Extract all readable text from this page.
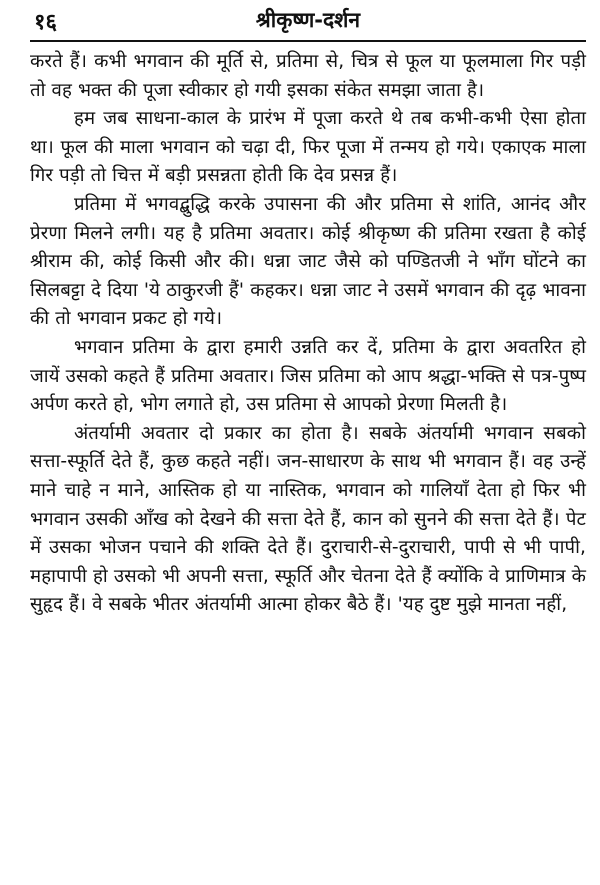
१६	श्रीकृष्ण-दर्शन

करते हैं। कभी भगवान की मूर्ति से, प्रतिमा से, चित्र से फूल या फूलमाला गिर पड़ी तो वह भक्त की पूजा स्वीकार हो गयी इसका संकेत समझा जाता है।

हम जब साधना-काल के प्रारंभ में पूजा करते थे तब कभी-कभी ऐसा होता था। फूल की माला भगवान को चढ़ा दी, फिर पूजा में तन्मय हो गये। एकाएक माला गिर पड़ी तो चित्त में बड़ी प्रसन्नता होती कि देव प्रसन्न हैं।

प्रतिमा में भगवद्बुद्धि करके उपासना की और प्रतिमा से शांति, आनंद और प्रेरणा मिलने लगी। यह है प्रतिमा अवतार। कोई श्रीकृष्ण की प्रतिमा रखता है कोई श्रीराम की, कोई किसी और की। धन्ना जाट जैसे को पण्डितजी ने भाँग घोंटने का सिलबट्टा दे दिया 'ये ठाकुरजी हैं' कहकर। धन्ना जाट ने उसमें भगवान की दृढ़ भावना की तो भगवान प्रकट हो गये।

भगवान प्रतिमा के द्वारा हमारी उन्नति कर दें, प्रतिमा के द्वारा अवतरित हो जायें उसको कहते हैं प्रतिमा अवतार। जिस प्रतिमा को आप श्रद्धा-भक्ति से पत्र-पुष्प अर्पण करते हो, भोग लगाते हो, उस प्रतिमा से आपको प्रेरणा मिलती है।

अंतर्यामी अवतार दो प्रकार का होता है। सबके अंतर्यामी भगवान सबको सत्ता-स्फूर्ति देते हैं, कुछ कहते नहीं। जन-साधारण के साथ भी भगवान हैं। वह उन्हें माने चाहे न माने, आस्तिक हो या नास्तिक, भगवान को गालियाँ देता हो फिर भी भगवान उसकी आँख को देखने की सत्ता देते हैं, कान को सुनने की सत्ता देते हैं। पेट में उसका भोजन पचाने की शक्ति देते हैं। दुराचारी-से-दुराचारी, पापी से भी पापी, महापापी हो उसको भी अपनी सत्ता, स्फूर्ति और चेतना देते हैं क्योंकि वे प्राणिमात्र के सुहृद हैं। वे सबके भीतर अंतर्यामी आत्मा होकर बैठे हैं। 'यह दुष्ट मुझे मानता नहीं,
